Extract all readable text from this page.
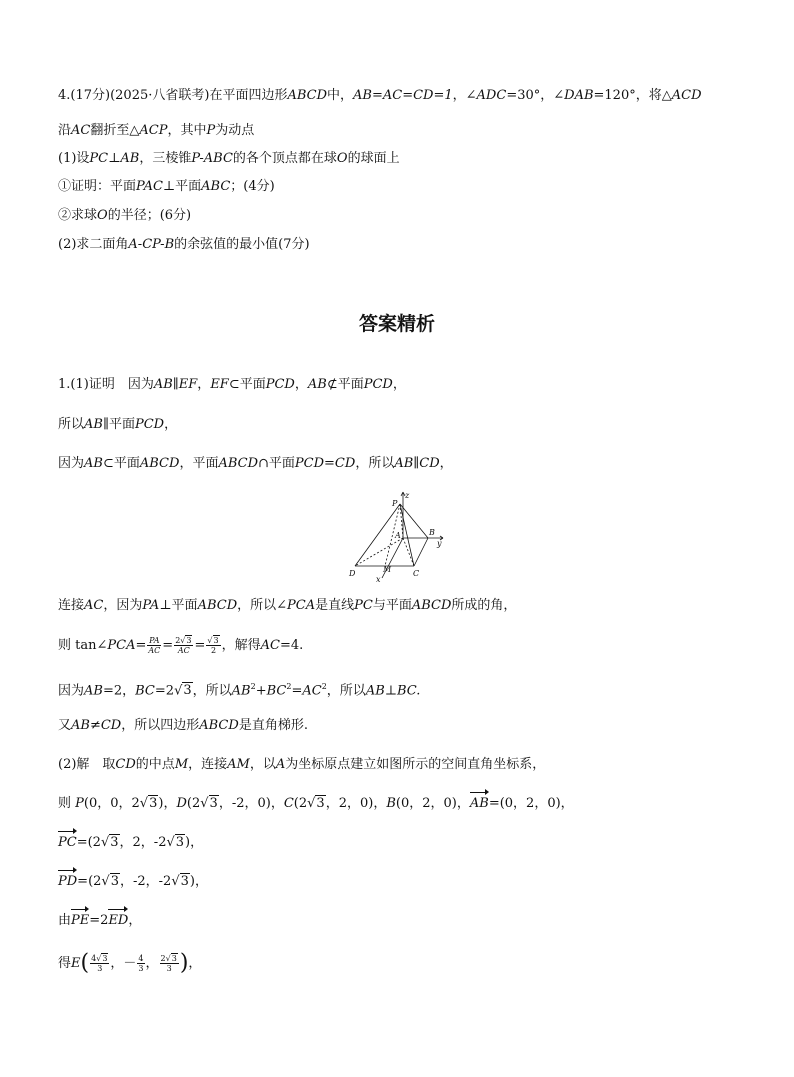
4.(17分)(2025·八省联考)在平面四边形ABCD中，AB=AC=CD=1，∠ADC=30°，∠DAB=120°，将△ACD
沿AC翻折至△ACP，其中P为动点
(1)设PC⊥AB，三棱锥P-ABC的各个顶点都在球O的球面上
①证明：平面PAC⊥平面ABC；(4分)
②求球O的半径；(6分)
(2)求二面角A-CP-B的余弦值的最小值(7分)
答案精析
1.(1)证明　因为AB∥EF，EF⊂平面PCD，AB⊄平面PCD，
所以AB∥平面PCD，
因为AB⊂平面ABCD，平面ABCD∩平面PCD=CD，所以AB∥CD，
z
P
A	B
y
D	M
x
C
连接AC，因为PA⊥平面ABCD，所以∠PCA是直线PC与平面ABCD所成的角，
则 tan∠PCA= $\frac{PA}{AC} = \frac{2√3}{AC} = \frac{√3}{2}$ ，解得AC=4.
因为AB=2，BC=2√3，所以$AB^2+BC^2=AC^2$，所以AB⊥BC.
又AB≠CD，所以四边形ABCD是直角梯形.
(2)解　取CD的中点M，连接AM，以A为坐标原点建立如图所示的空间直角坐标系，
则 P(0，0，2√3)，D(2√3，-2，0)，C(2√3，2，0)，B(0，2，0)，AB=(0，2，0)，
PC=(2√3，2，-2√3)，
PD=(2√3，-2，-2√3)，
由PE=2ED，
得$E( \frac{4√3}{3}$ ，－ $\frac{4}{3}$ ， $\frac{2√3}{3}$ )，
